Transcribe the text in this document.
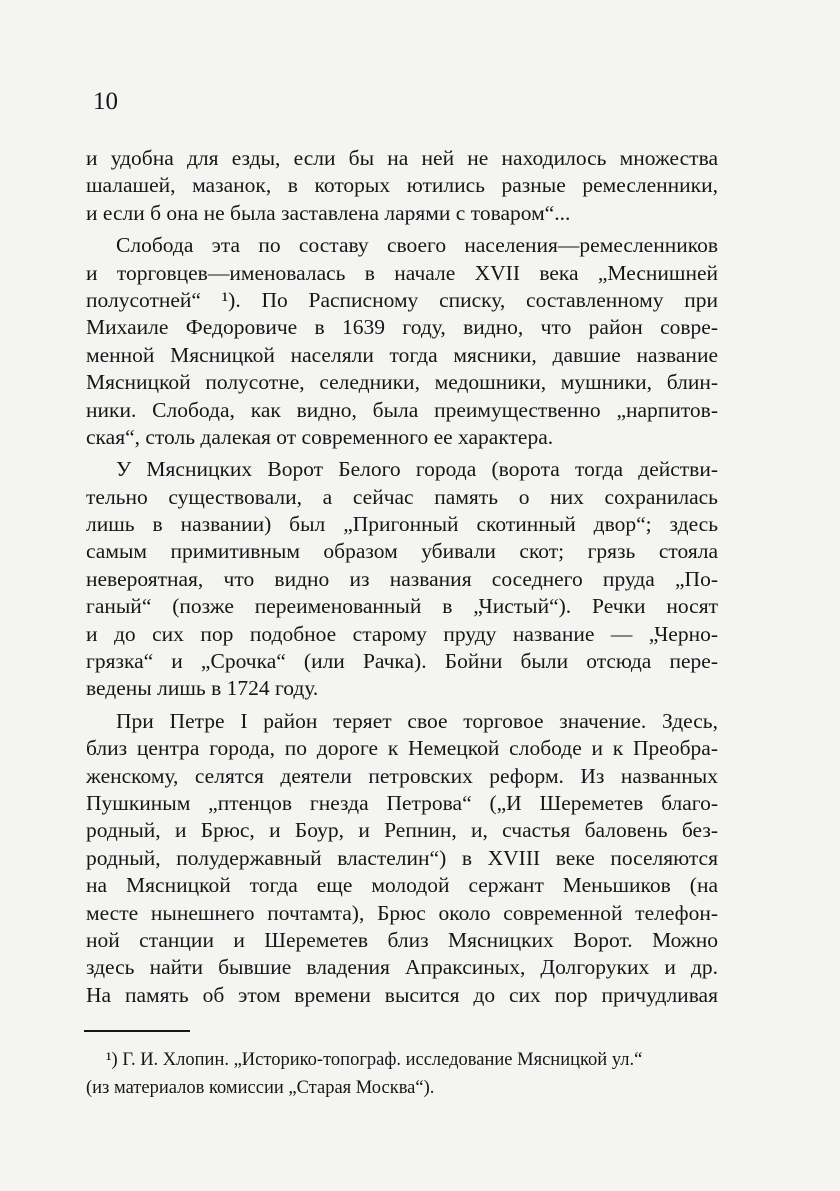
10
и удобна для езды, если бы на ней не находилось множества
шалашей, мазанок, в которых ютились разные ремесленники,
и если б она не была заставлена ларями с товаром“...
Слобода эта по составу своего населения—ремесленников
и торговцев—именовалась в начале XVII века „Меснишней
полусотней“ ¹). По Расписному списку, составленному при
Михаиле Федоровиче в 1639 году, видно, что район совре-
менной Мясницкой населяли тогда мясники, давшие название
Мясницкой полусотне, селедники, медошники, мушники, блин-
ники. Слобода, как видно, была преимущественно „нарпитов-
ская“, столь далекая от современного ее характера.
У Мясницких Ворот Белого города (ворота тогда действи-
тельно существовали, а сейчас память о них сохранилась
лишь в названии) был „Пригонный скотинный двор“; здесь
самым примитивным образом убивали скот; грязь стояла
невероятная, что видно из названия соседнего пруда „По-
ганый“ (позже переименованный в „Чистый“). Речки носят
и до сих пор подобное старому пруду название — „Черно-
грязка“ и „Срочка“ (или Рачка). Бойни были отсюда пере-
ведены лишь в 1724 году.
При Петре I район теряет свое торговое значение. Здесь,
близ центра города, по дороге к Немецкой слободе и к Преобра-
женскому, селятся деятели петровских реформ. Из названных
Пушкиным „птенцов гнезда Петрова“ („И Шереметев благо-
родный, и Брюс, и Боур, и Репнин, и, счастья баловень без-
родный, полудержавный властелин“) в XVIII веке поселяются
на Мясницкой тогда еще молодой сержант Меньшиков (на
месте нынешнего почтамта), Брюс около современной телефон-
ной станции и Шереметев близ Мясницких Ворот. Можно
здесь найти бывшие владения Апраксиных, Долгоруких и др.
На память об этом времени высится до сих пор причудливая
¹) Г. И. Хлопин. „Историко-топограф. исследование Мясницкой ул.“
(из материалов комиссии „Старая Москва“).
